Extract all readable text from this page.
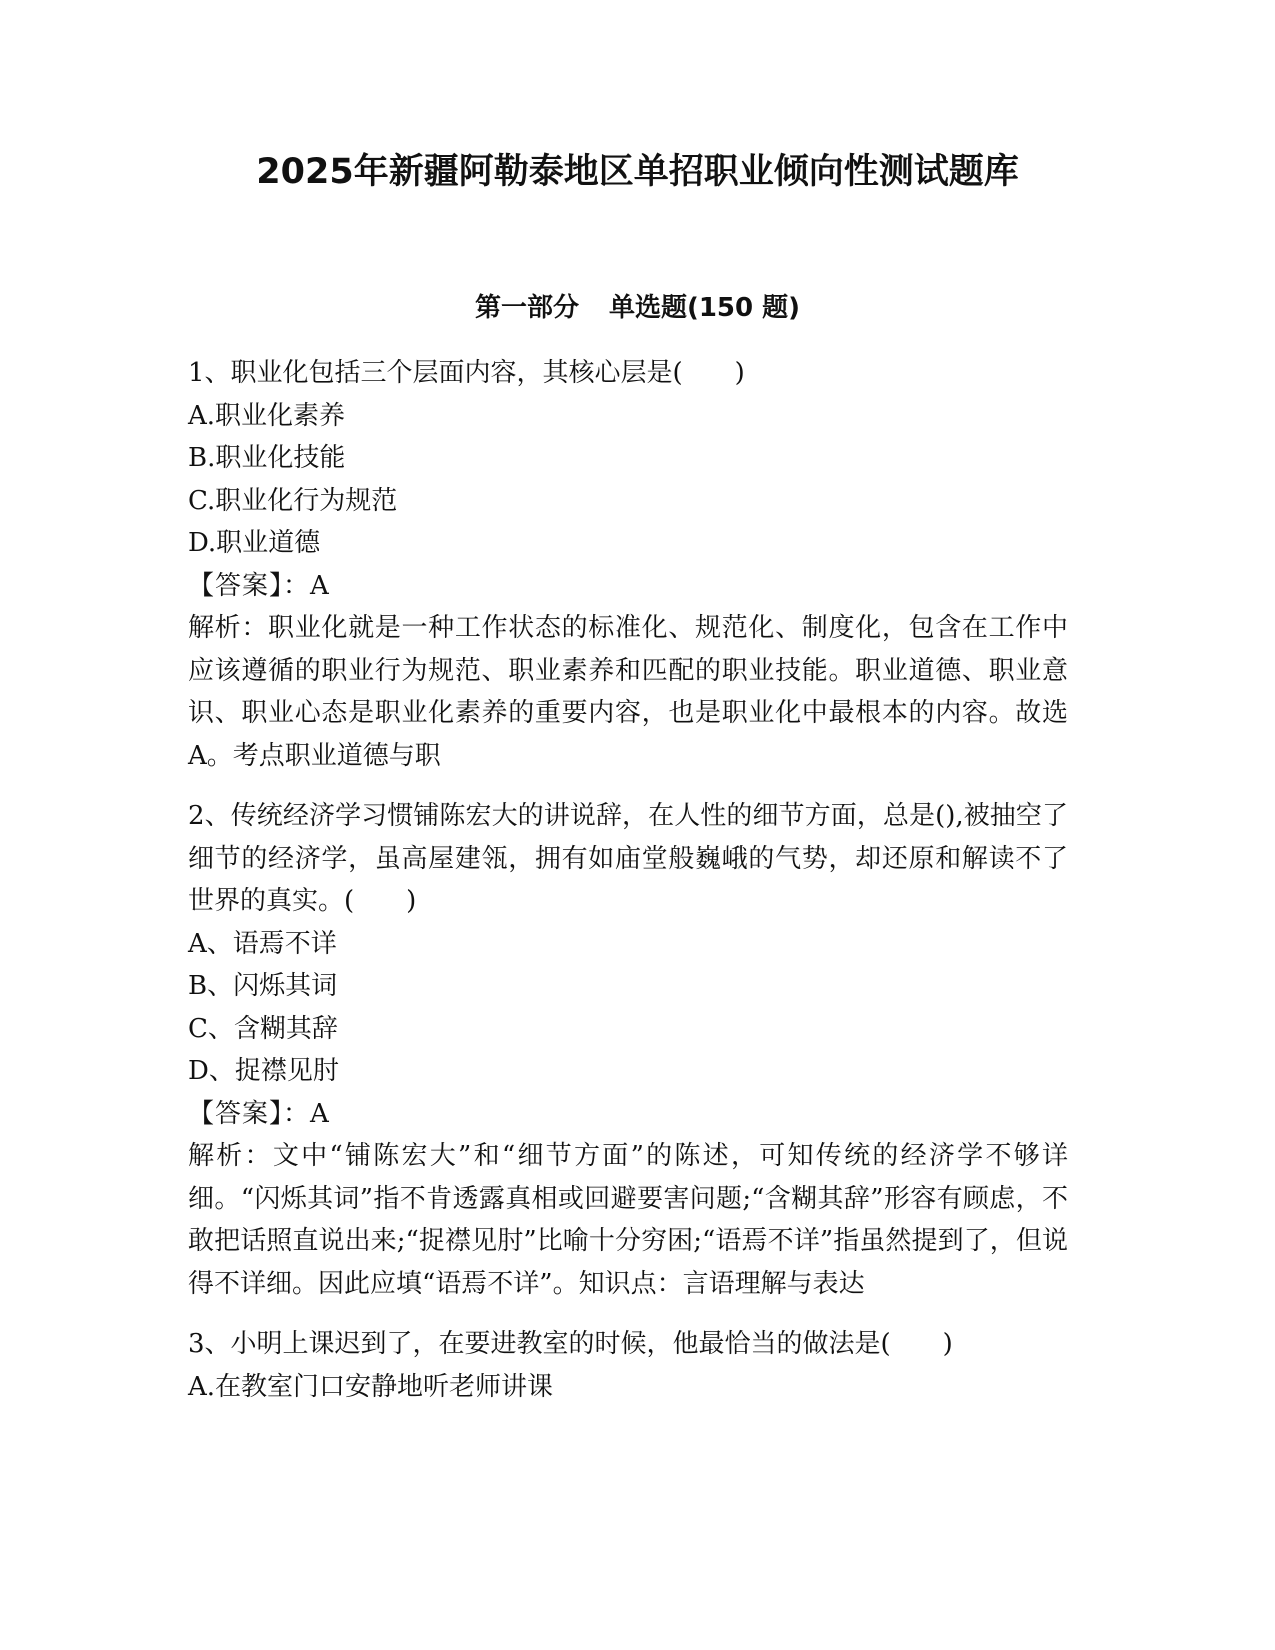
2025年新疆阿勒泰地区单招职业倾向性测试题库
第一部分 单选题(150 题)
1、职业化包括三个层面内容，其核心层是(　　)
A.职业化素养
B.职业化技能
C.职业化行为规范
D.职业道德
【答案】：A
解析：职业化就是一种工作状态的标准化、规范化、制度化，包含在工作中应该遵循的职业行为规范、职业素养和匹配的职业技能。职业道德、职业意识、职业心态是职业化素养的重要内容，也是职业化中最根本的内容。故选A。考点职业道德与职
2、传统经济学习惯铺陈宏大的讲说辞，在人性的细节方面，总是(),被抽空了细节的经济学，虽高屋建瓴，拥有如庙堂般巍峨的气势，却还原和解读不了世界的真实。(　　)
A、语焉不详
B、闪烁其词
C、含糊其辞
D、捉襟见肘
【答案】：A
解析：文中“铺陈宏大”和“细节方面”的陈述，可知传统的经济学不够详细。“闪烁其词”指不肯透露真相或回避要害问题;“含糊其辞”形容有顾虑，不敢把话照直说出来;“捉襟见肘”比喻十分穷困;“语焉不详”指虽然提到了，但说得不详细。因此应填“语焉不详”。知识点：言语理解与表达
3、小明上课迟到了，在要进教室的时候，他最恰当的做法是(　　)
A.在教室门口安静地听老师讲课
